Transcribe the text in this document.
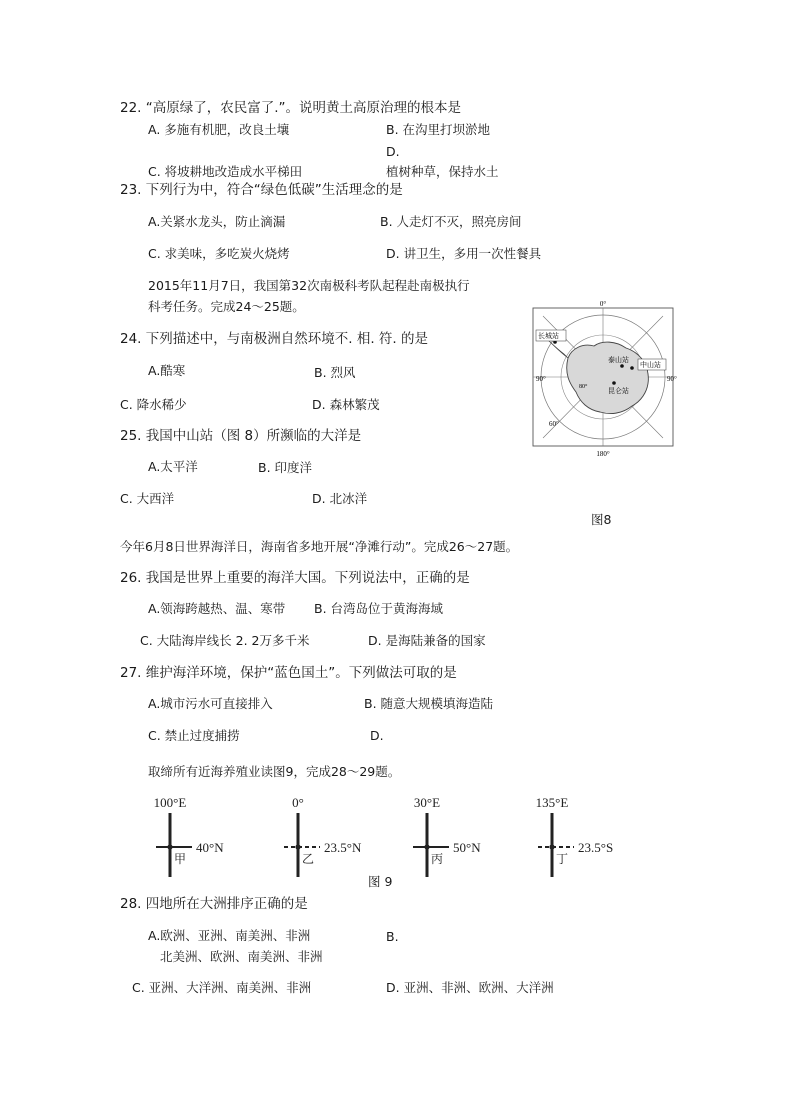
22. “高原绿了，农民富了.”。说明黄土高原治理的根本是
A. 多施有机肥，改良土壤	B. 在沟里打坝淤地
D.
C. 将坡耕地改造成水平梯田	植树种草，保持水土
23. 下列行为中，符合“绿色低碳”生活理念的是
A.关紧水龙头，防止滴漏	B. 人走灯不灭，照亮房间
C. 求美味，多吃炭火烧烤	D. 讲卫生，多用一次性餐具
2015年11月7日，我国第32次南极科考队起程赴南极执行
科考任务。完成24～25题。
24. 下列描述中，与南极洲自然环境不. 相. 符. 的是
A.酷寒	B. 烈风
C. 降水稀少	D. 森林繁茂
25. 我国中山站（图 8）所濒临的大洋是
A.太平洋	B. 印度洋
C. 大西洋	D. 北冰洋
0°
180°
90°	90°
60°
80°
长城站
泰山站
中山站
昆仑站
图8
今年6月8日世界海洋日，海南省多地开展“净滩行动”。完成26～27题。
26. 我国是世界上重要的海洋大国。下列说法中，正确的是
A.领海跨越热、温、寒带 B. 台湾岛位于黄海海域
C. 大陆海岸线长 2. 2万多千米	D. 是海陆兼备的国家
27. 维护海洋环境，保护“蓝色国土”。下列做法可取的是
A.城市污水可直接排入	B. 随意大规模填海造陆
C. 禁止过度捕捞	D.
取缔所有近海养殖业读图9，完成28～29题。
100°E
40°N
甲
0°
23.5°N
乙
30°E
50°N
丙
135°E
23.5°S
丁
图 9
28. 四地所在大洲排序正确的是
A.欧洲、亚洲、南美洲、非洲	B.
北美洲、欧洲、南美洲、非洲
C. 亚洲、大洋洲、南美洲、非洲	D. 亚洲、非洲、欧洲、大洋洲
